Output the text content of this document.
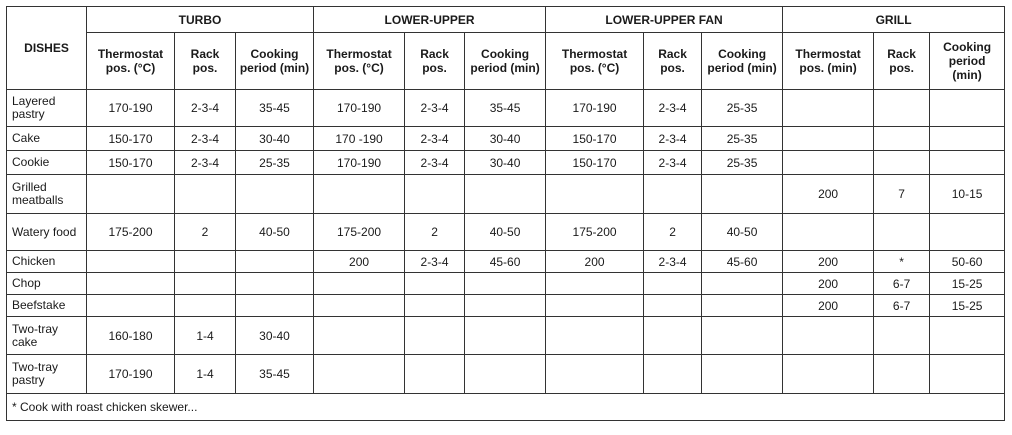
DISHES	TURBO			LOWER-UPPER			LOWER-UPPER FAN			GRILL		
	Thermostat pos. (°C)	Rack pos.	Cooking period (min)	Thermostat pos. (°C)	Rack pos.	Cooking period (min)	Thermostat pos. (°C)	Rack pos.	Cooking period (min)	Thermostat pos. (min)	Rack pos.	Cooking period (min)
Layered pastry	170-190	2-3-4	35-45	170-190	2-3-4	35-45	170-190	2-3-4	25-35			
Cake	150-170	2-3-4	30-40	170 -190	2-3-4	30-40	150-170	2-3-4	25-35			
Cookie	150-170	2-3-4	25-35	170-190	2-3-4	30-40	150-170	2-3-4	25-35			
Grilled meatballs										200	7	10-15
Watery food	175-200	2	40-50	175-200	2	40-50	175-200	2	40-50			
Chicken				200	2-3-4	45-60	200	2-3-4	45-60	200	*	50-60
Chop										200	6-7	15-25
Beefstake										200	6-7	15-25
Two-tray cake	160-180	1-4	30-40									
Two-tray pastry	170-190	1-4	35-45									
* Cook with roast chicken skewer...												
